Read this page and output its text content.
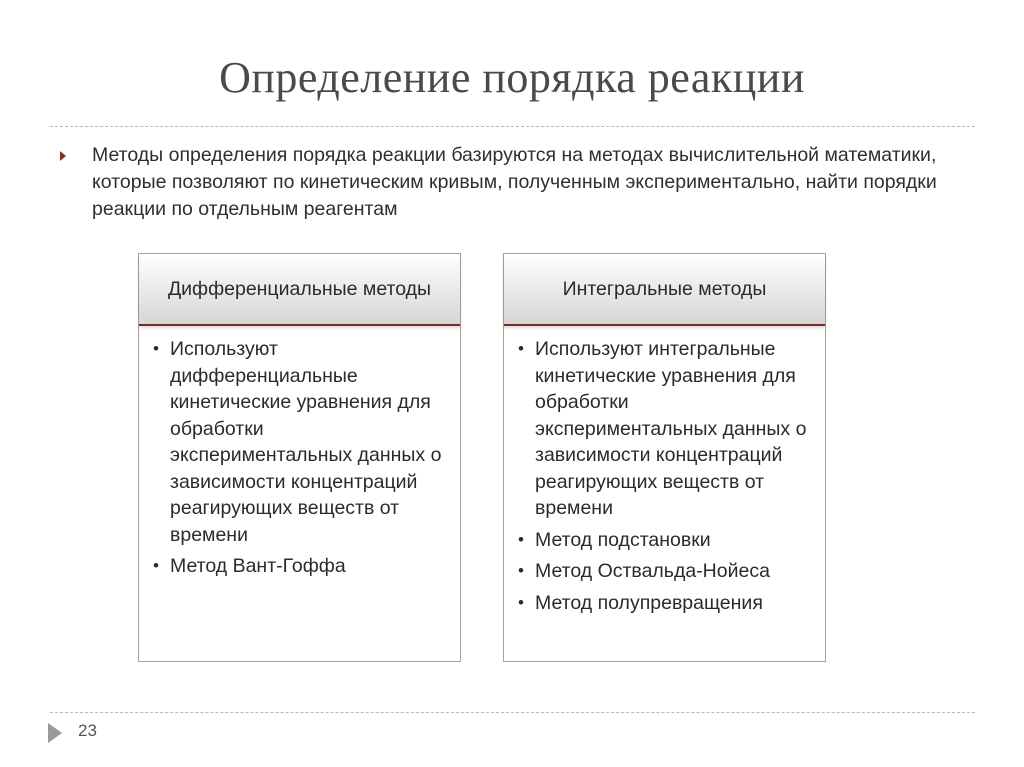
Определение порядка реакции
Методы определения порядка реакции базируются на методах вычислительной математики, которые позволяют по кинетическим кривым, полученным экспериментально, найти порядки реакции по отдельным реагентам
Дифференциальные методы
• Используют дифференциальные кинетические уравнения для обработки экспериментальных данных о зависимости концентраций реагирующих веществ от времени
• Метод Вант-Гоффа
Интегральные методы
• Используют интегральные кинетические уравнения для обработки экспериментальных данных о зависимости концентраций реагирующих веществ от времени
• Метод подстановки
• Метод Оствальда-Нойеса
• Метод полупревращения
23
